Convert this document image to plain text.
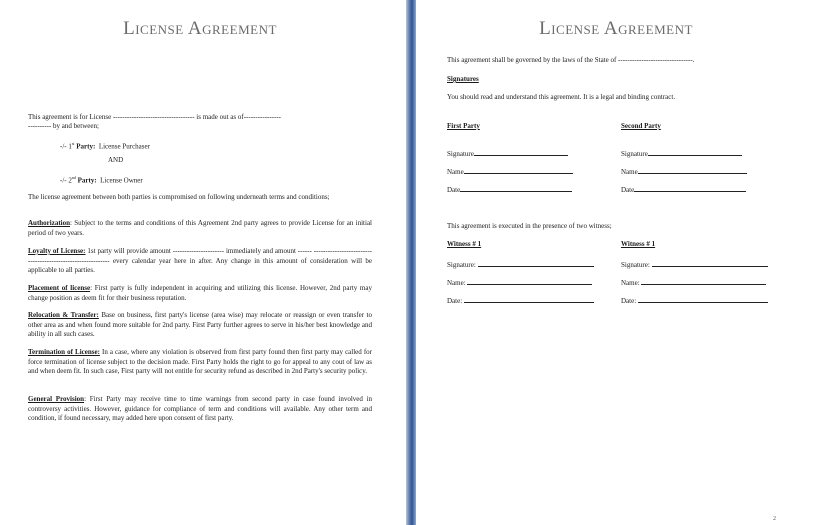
License Agreement
This agreement is for License ----------------------------------- is made out as of----------------
---------- by and between;
-/- 1st Party: License Purchaser
AND
-/- 2nd Party: License Owner
The license agreement between both parties is compromised on following underneath terms and conditions;
Authorization: Subject to the terms and conditions of this Agreement 2nd party agrees to provide License for an initial period of two years.
Loyalty of License: 1st party will provide amount ---------------------- immediately and amount ------ ------------------------------------------------------------ every calendar year here in after. Any change in this amount of consideration will be applicable to all parties.
Placement of license: First party is fully independent in acquiring and utilizing this license. However, 2nd party may change position as deem fit for their business reputation.
Relocation & Transfer: Base on business, first party's license (area wise) may relocate or reassign or even transfer to other area as and when found more suitable for 2nd party. First Party further agrees to serve in his/her best knowledge and ability in all such cases.
Termination of License: In a case, where any violation is observed from first party found then first party may called for force termination of license subject to the decision made. First Party holds the right to go for appeal to any cout of law as and when deem fit. In such case, First party will not entitle for security refund as described in 2nd Party's security policy.
General Provision: First Party may receive time to time warnings from second party in case found involved in controversy activities. However, guidance for compliance of term and conditions will available. Any other term and condition, if found necessary, may added here upon consent of first party.
License Agreement
This agreement shall be governed by the laws of the State of --------------------------------.
Signatures
You should read and understand this agreement. It is a legal and binding contract.
First Party	Second Party
Signature	Signature
Name	Name
Date	Date
This agreement is executed in the presence of two witness;
Witness # 1	Witness # 1
Signature:	Signature:
Name:	Name:
Date:	Date:
2
